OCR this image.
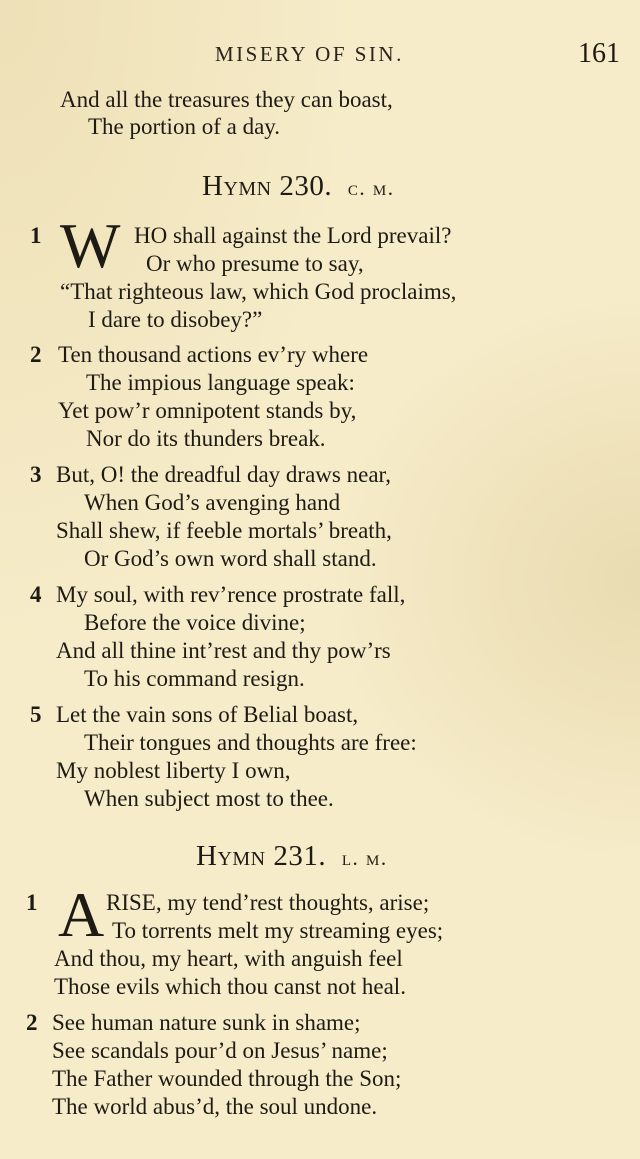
MISERY OF SIN.	161
And all the treasures they can boast,
The portion of a day.
Hymn 230. c. m.
1 W HO shall against the Lord prevail?
Or who presume to say,
“That righteous law, which God proclaims,
I dare to disobey?”
2 Ten thousand actions ev’ry where
The impious language speak:
Yet pow’r omnipotent stands by,
Nor do its thunders break.
3 But, O! the dreadful day draws near,
When God’s avenging hand
Shall shew, if feeble mortals’ breath,
Or God’s own word shall stand.
4 My soul, with rev’rence prostrate fall,
Before the voice divine;
And all thine int’rest and thy pow’rs
To his command resign.
5 Let the vain sons of Belial boast,
Their tongues and thoughts are free:
My noblest liberty I own,
When subject most to thee.
Hymn 231. l. m.
1 A RISE, my tend’rest thoughts, arise;
To torrents melt my streaming eyes;
And thou, my heart, with anguish feel
Those evils which thou canst not heal.
2 See human nature sunk in shame;
See scandals pour’d on Jesus’ name;
The Father wounded through the Son;
The world abus’d, the soul undone.
